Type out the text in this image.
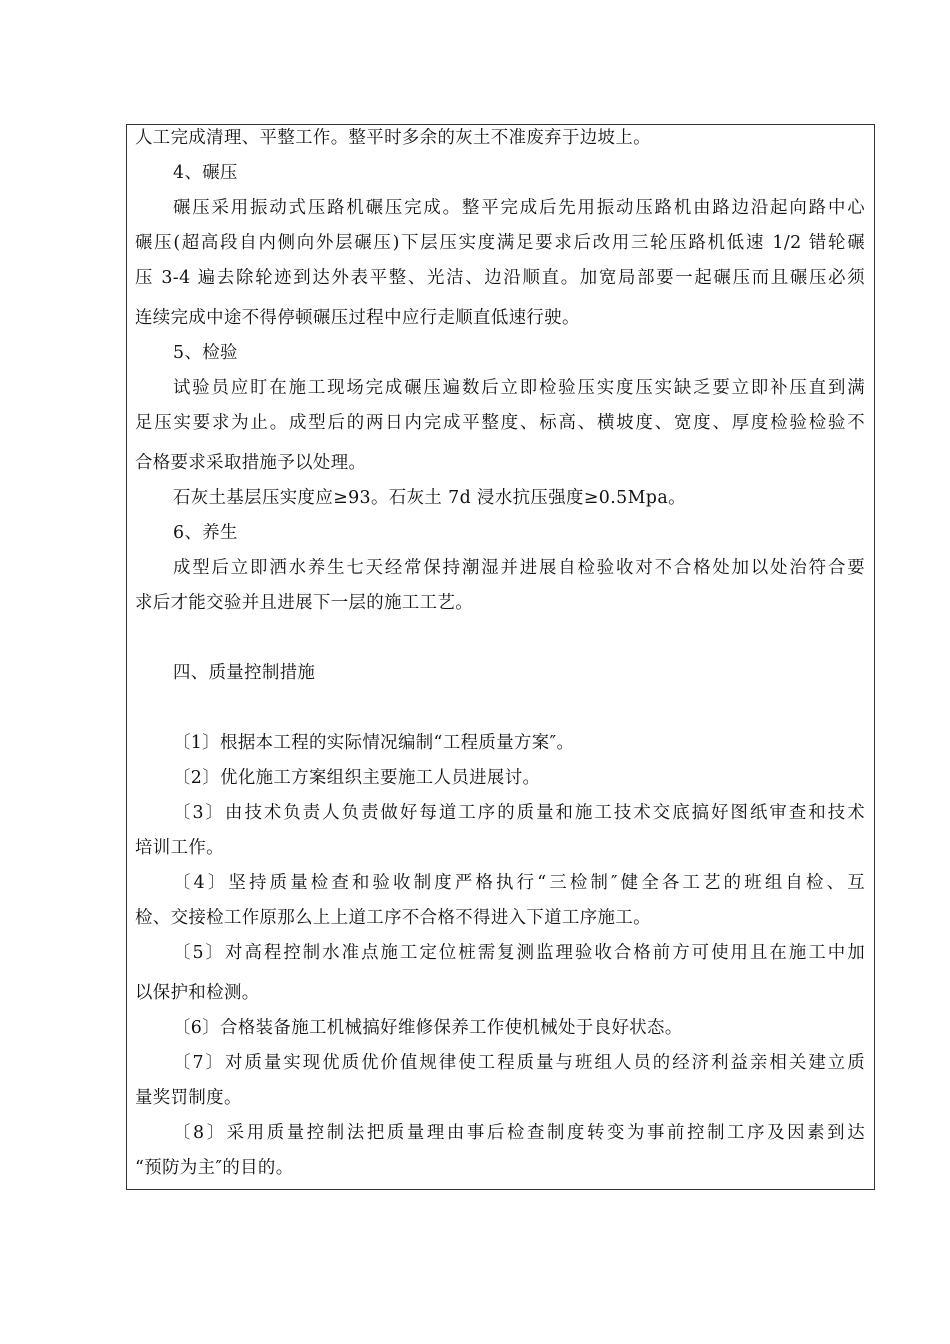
人工完成清理、平整工作。整平时多余的灰土不准废弃于边坡上。
4、碾压
碾压采用振动式压路机碾压完成。整平完成后先用振动压路机由路边沿起向路中心
碾压(超高段自内侧向外层碾压)下层压实度满足要求后改用三轮压路机低速 1/2 错轮碾
压 3-4 遍去除轮迹到达外表平整、光洁、边沿顺直。加宽局部要一起碾压而且碾压必须
连续完成中途不得停顿碾压过程中应行走顺直低速行驶。
5、检验
试验员应盯在施工现场完成碾压遍数后立即检验压实度压实缺乏要立即补压直到满
足压实要求为止。成型后的两日内完成平整度、标高、横坡度、宽度、厚度检验检验不
合格要求采取措施予以处理。
石灰土基层压实度应≥93。石灰土 7d 浸水抗压强度≥0.5Mpa。
6、养生
成型后立即洒水养生七天经常保持潮湿并进展自检验收对不合格处加以处治符合要
求后才能交验并且进展下一层的施工工艺。
四、质量控制措施
〔1〕根据本工程的实际情况编制“工程质量方案″。
〔2〕优化施工方案组织主要施工人员进展讨。
〔3〕由技术负责人负责做好每道工序的质量和施工技术交底搞好图纸审查和技术
培训工作。
〔4〕坚持质量检查和验收制度严格执行“三检制″健全各工艺的班组自检、互
检、交接检工作原那么上上道工序不合格不得进入下道工序施工。
〔5〕对高程控制水准点施工定位桩需复测监理验收合格前方可使用且在施工中加
以保护和检测。
〔6〕合格装备施工机械搞好维修保养工作使机械处于良好状态。
〔7〕对质量实现优质优价值规律使工程质量与班组人员的经济利益亲相关建立质
量奖罚制度。
〔8〕采用质量控制法把质量理由事后检查制度转变为事前控制工序及因素到达
“预防为主″的目的。
